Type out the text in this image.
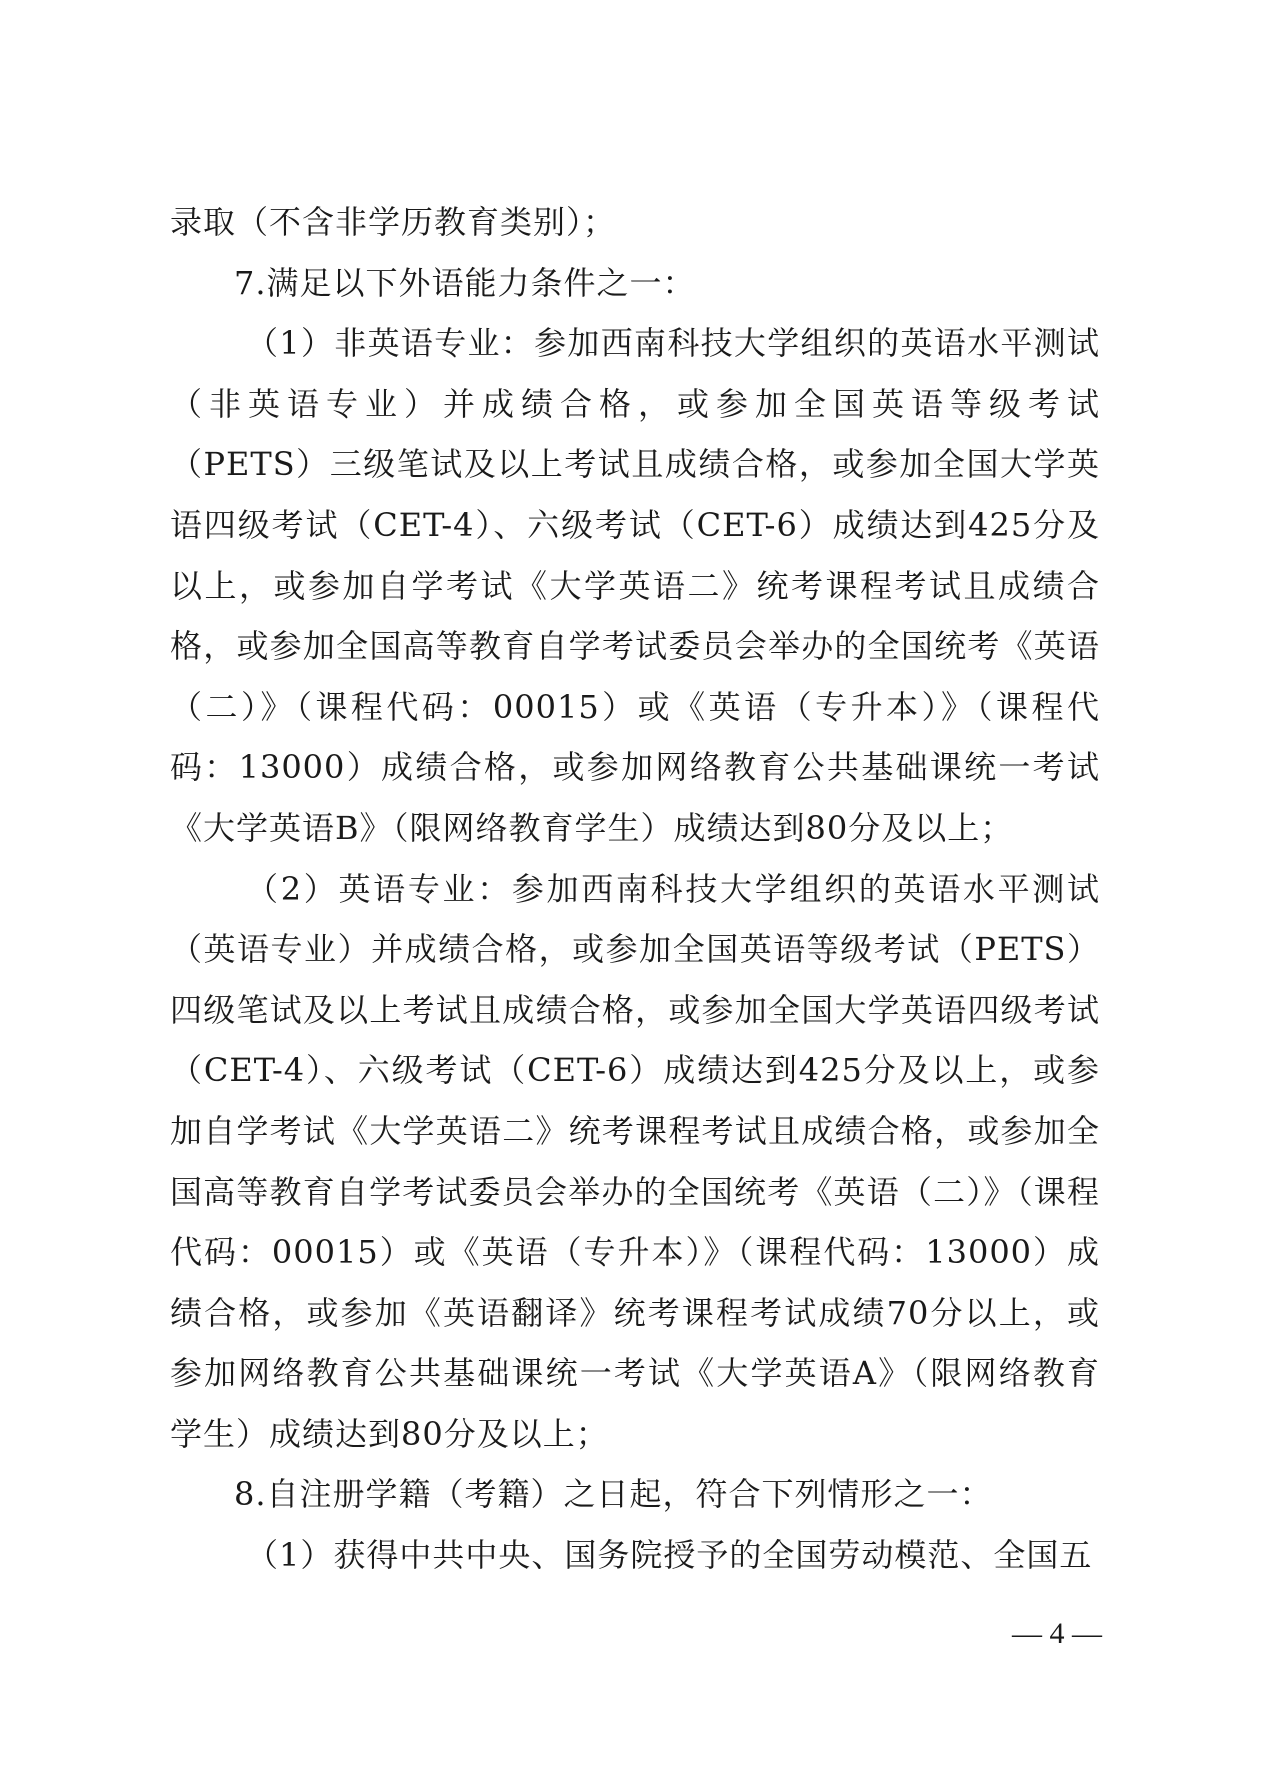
录取（不含非学历教育类别）；

7.满足以下外语能力条件之一：

（1）非英语专业：参加西南科技大学组织的英语水平测试（非英语专业）并成绩合格，或参加全国英语等级考试（PETS）三级笔试及以上考试且成绩合格，或参加全国大学英语四级考试（CET-4）、六级考试（CET-6）成绩达到425分及以上，或参加自学考试《大学英语二》统考课程考试且成绩合格，或参加全国高等教育自学考试委员会举办的全国统考《英语（二）》（课程代码：00015）或《英语（专升本）》（课程代码：13000）成绩合格，或参加网络教育公共基础课统一考试《大学英语B》（限网络教育学生）成绩达到80分及以上；

（2）英语专业：参加西南科技大学组织的英语水平测试（英语专业）并成绩合格，或参加全国英语等级考试（PETS）四级笔试及以上考试且成绩合格，或参加全国大学英语四级考试（CET-4）、六级考试（CET-6）成绩达到425分及以上，或参加自学考试《大学英语二》统考课程考试且成绩合格，或参加全国高等教育自学考试委员会举办的全国统考《英语（二）》（课程代码：00015）或《英语（专升本）》（课程代码：13000）成绩合格，或参加《英语翻译》统考课程考试成绩70分以上，或参加网络教育公共基础课统一考试《大学英语A》（限网络教育学生）成绩达到80分及以上；

8.自注册学籍（考籍）之日起，符合下列情形之一：

（1）获得中共中央、国务院授予的全国劳动模范、全国五

— 4 —
